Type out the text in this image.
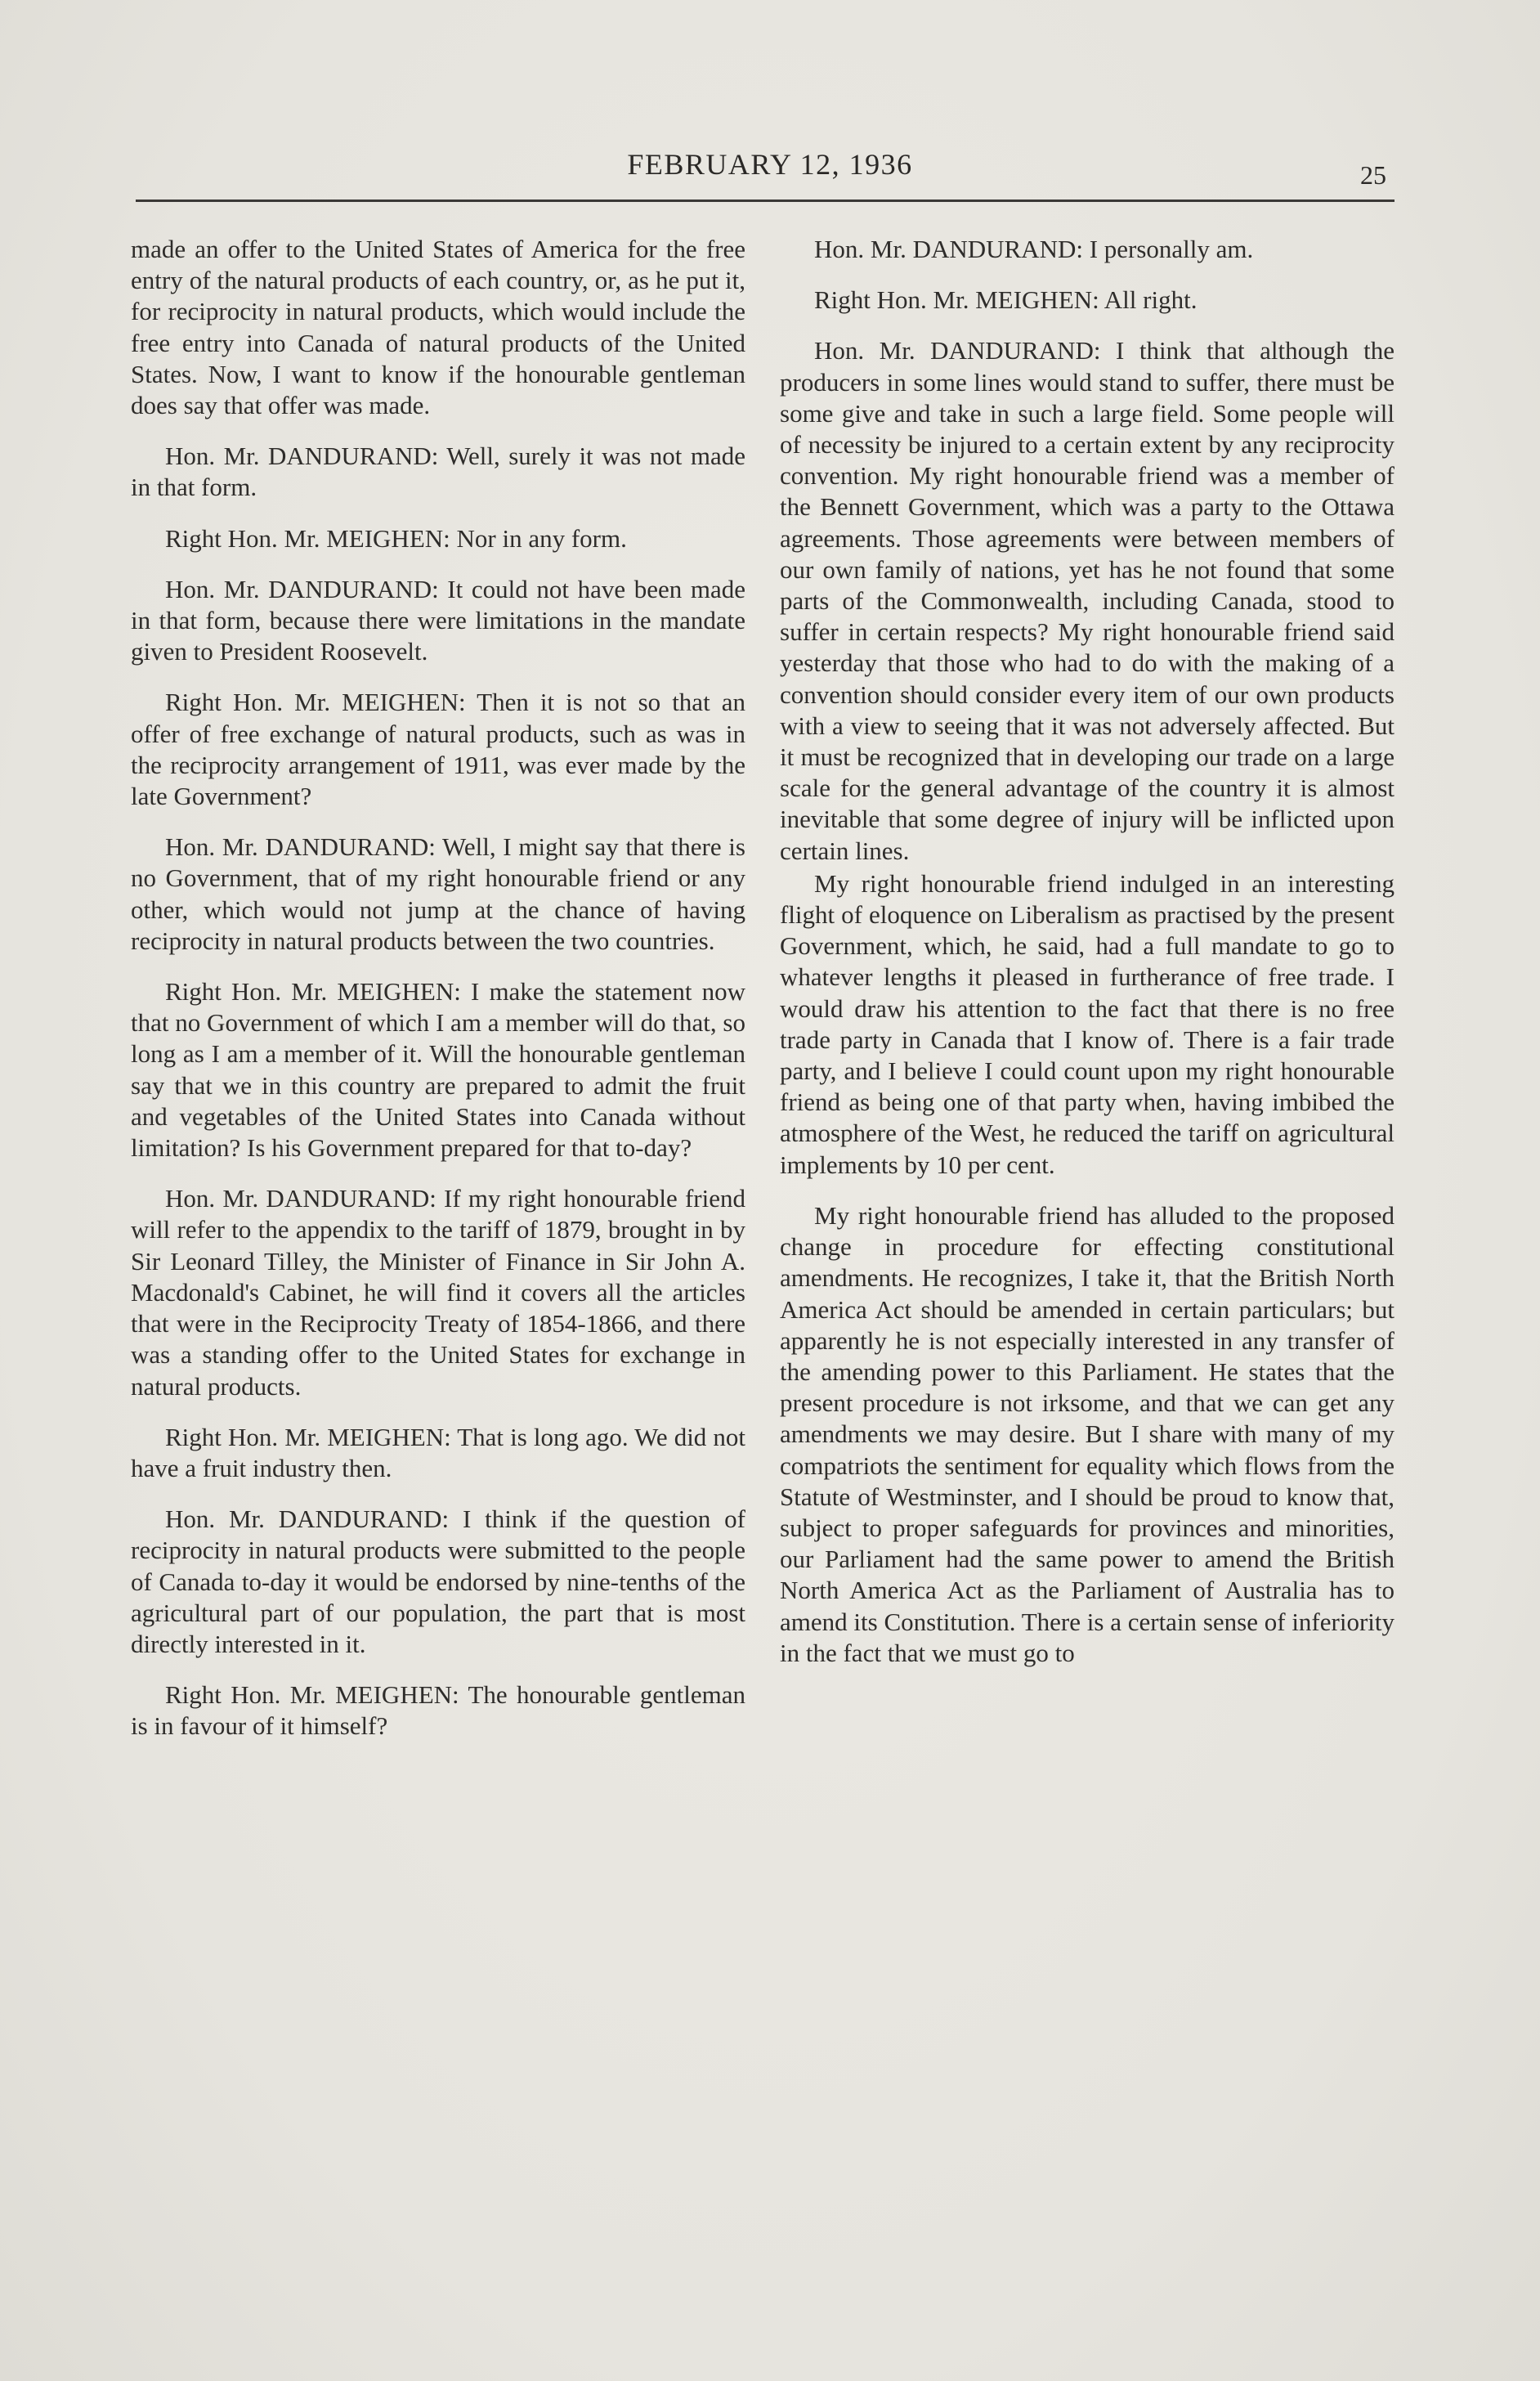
FEBRUARY 12, 1936	25

made an offer to the United States of America for the free entry of the natural products of each country, or, as he put it, for reciprocity in natural products, which would include the free entry into Canada of natural products of the United States. Now, I want to know if the honourable gentleman does say that offer was made.

Hon. Mr. DANDURAND: Well, surely it was not made in that form.

Right Hon. Mr. MEIGHEN: Nor in any form.

Hon. Mr. DANDURAND: It could not have been made in that form, because there were limitations in the mandate given to President Roosevelt.

Right Hon. Mr. MEIGHEN: Then it is not so that an offer of free exchange of natural products, such as was in the reciprocity arrangement of 1911, was ever made by the late Government?

Hon. Mr. DANDURAND: Well, I might say that there is no Government, that of my right honourable friend or any other, which would not jump at the chance of having reciprocity in natural products between the two countries.

Right Hon. Mr. MEIGHEN: I make the statement now that no Government of which I am a member will do that, so long as I am a member of it. Will the honourable gentleman say that we in this country are prepared to admit the fruit and vegetables of the United States into Canada without limitation? Is his Government prepared for that to-day?

Hon. Mr. DANDURAND: If my right honourable friend will refer to the appendix to the tariff of 1879, brought in by Sir Leonard Tilley, the Minister of Finance in Sir John A. Macdonald's Cabinet, he will find it covers all the articles that were in the Reciprocity Treaty of 1854-1866, and there was a standing offer to the United States for exchange in natural products.

Right Hon. Mr. MEIGHEN: That is long ago. We did not have a fruit industry then.

Hon. Mr. DANDURAND: I think if the question of reciprocity in natural products were submitted to the people of Canada to-day it would be endorsed by nine-tenths of the agricultural part of our population, the part that is most directly interested in it.

Right Hon. Mr. MEIGHEN: The honourable gentleman is in favour of it himself?

Hon. Mr. DANDURAND: I personally am.

Right Hon. Mr. MEIGHEN: All right.

Hon. Mr. DANDURAND: I think that although the producers in some lines would stand to suffer, there must be some give and take in such a large field. Some people will of necessity be injured to a certain extent by any reciprocity convention. My right honourable friend was a member of the Bennett Government, which was a party to the Ottawa agreements. Those agreements were between members of our own family of nations, yet has he not found that some parts of the Commonwealth, including Canada, stood to suffer in certain respects? My right honourable friend said yesterday that those who had to do with the making of a convention should consider every item of our own products with a view to seeing that it was not adversely affected. But it must be recognized that in developing our trade on a large scale for the general advantage of the country it is almost inevitable that some degree of injury will be inflicted upon certain lines.

My right honourable friend indulged in an interesting flight of eloquence on Liberalism as practised by the present Government, which, he said, had a full mandate to go to whatever lengths it pleased in furtherance of free trade. I would draw his attention to the fact that there is no free trade party in Canada that I know of. There is a fair trade party, and I believe I could count upon my right honourable friend as being one of that party when, having imbibed the atmosphere of the West, he reduced the tariff on agricultural implements by 10 per cent.

My right honourable friend has alluded to the proposed change in procedure for effecting constitutional amendments. He recognizes, I take it, that the British North America Act should be amended in certain particulars; but apparently he is not especially interested in any transfer of the amending power to this Parliament. He states that the present procedure is not irksome, and that we can get any amendments we may desire. But I share with many of my compatriots the sentiment for equality which flows from the Statute of Westminster, and I should be proud to know that, subject to proper safeguards for provinces and minorities, our Parliament had the same power to amend the British North America Act as the Parliament of Australia has to amend its Constitution. There is a certain sense of inferiority in the fact that we must go to
